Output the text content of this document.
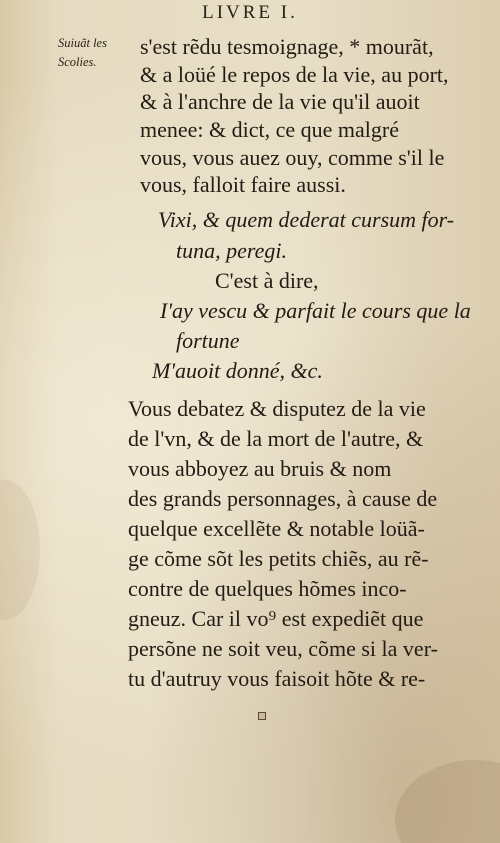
LIVRE I.
Suiuãt les
Scolies.
s'est rẽdu tesmoignage, * mourãt,
& a loüé le repos de la vie, au port,
& à l'anchre de la vie qu'il auoit
menee: & dict, ce que malgré
vous, vous auez ouy, comme s'il le
vous, falloit faire aussi.
Vixi, & quem dederat cursum for-
tuna, peregi.
C'est à dire,
I'ay vescu & parfait le cours que la
fortune
M'auoit donné, &c.
Vous debatez & disputez de la vie
de l'vn, & de la mort de l'autre, &
vous abboyez au bruis & nom
des grands personnages, à cause de
quelque excellẽte & notable loüã-
ge cõme sõt les petits chiẽs, au rẽ-
contre de quelques hõmes inco-
gneuz. Car il vo⁹ est expediẽt que
persõne ne soit veu, cõme si la ver-
tu d'autruy vous faisoit hõte & re-
